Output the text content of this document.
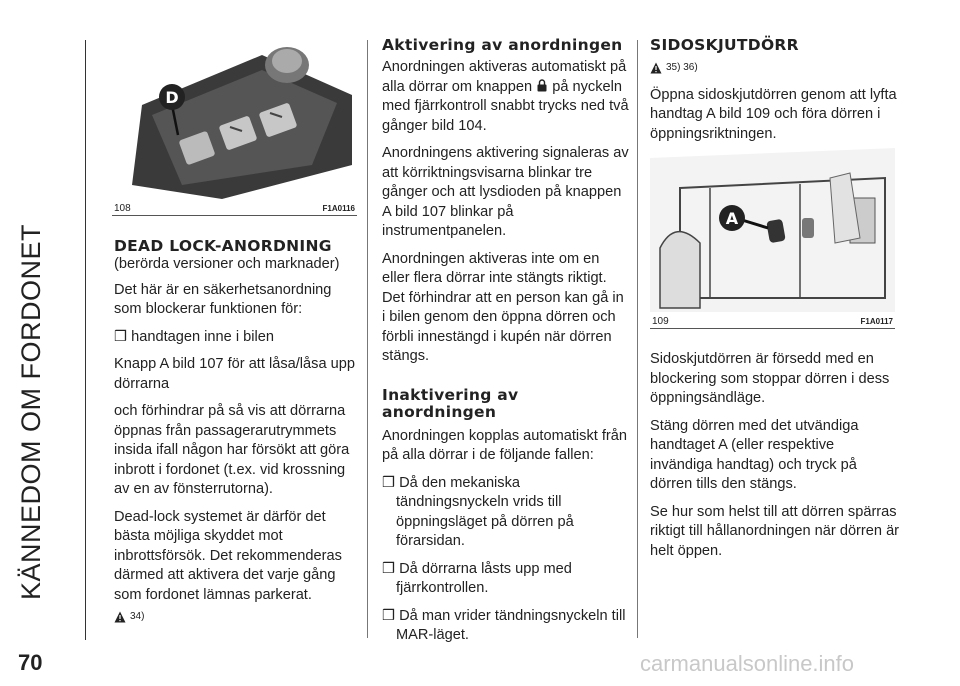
KÄNNEDOM OM FORDONET
70
D
108	F1A0116
DEAD LOCK-ANORDNING

(berörda versioner och marknader)

Det här är en säkerhetsanordning som blockerar funktionen för:

❒ handtagen inne i bilen

Knapp A bild 107 för att låsa/låsa upp dörrarna

och förhindrar på så vis att dörrarna öppnas från passagerarutrymmets insida ifall någon har försökt att göra inbrott i fordonet (t.ex. vid krossning av en av fönsterrutorna).

Dead-lock systemet är därför det bästa möjliga skyddet mot inbrottsförsök. Det rekommenderas därmed att aktivera det varje gång som fordonet lämnas parkerat.

34)
Aktivering av anordningen

Anordningen aktiveras automatiskt på alla dörrar om knappen på nyckeln med fjärrkontroll snabbt trycks ned två gånger bild 104.

Anordningens aktivering signaleras av att körriktningsvisarna blinkar tre gånger och att lysdioden på knappen A bild 107 blinkar på instrumentpanelen.

Anordningen aktiveras inte om en eller flera dörrar inte stängts riktigt. Det förhindrar att en person kan gå in i bilen genom den öppna dörren och förbli innestängd i kupén när dörren stängs.

Inaktivering av anordningen

Anordningen kopplas automatiskt från på alla dörrar i de följande fallen:

❒ Då den mekaniska tändningsnyckeln vrids till öppningsläget på dörren på förarsidan.

❒ Då dörrarna låsts upp med fjärrkontrollen.

❒ Då man vrider tändningsnyckeln till MAR-läget.

SIDOSKJUTDÖRR
35) 36)

Öppna sidoskjutdörren genom att lyfta handtag A bild 109 och föra dörren i öppningsriktningen.

A
109	F1A0117

Sidoskjutdörren är försedd med en blockering som stoppar dörren i dess öppningsändläge.

Stäng dörren med det utvändiga handtaget A (eller respektive invändiga handtag) och tryck på dörren tills den stängs.

Se hur som helst till att dörren spärras riktigt till hållanordningen när dörren är helt öppen.

carmanualsonline.info
